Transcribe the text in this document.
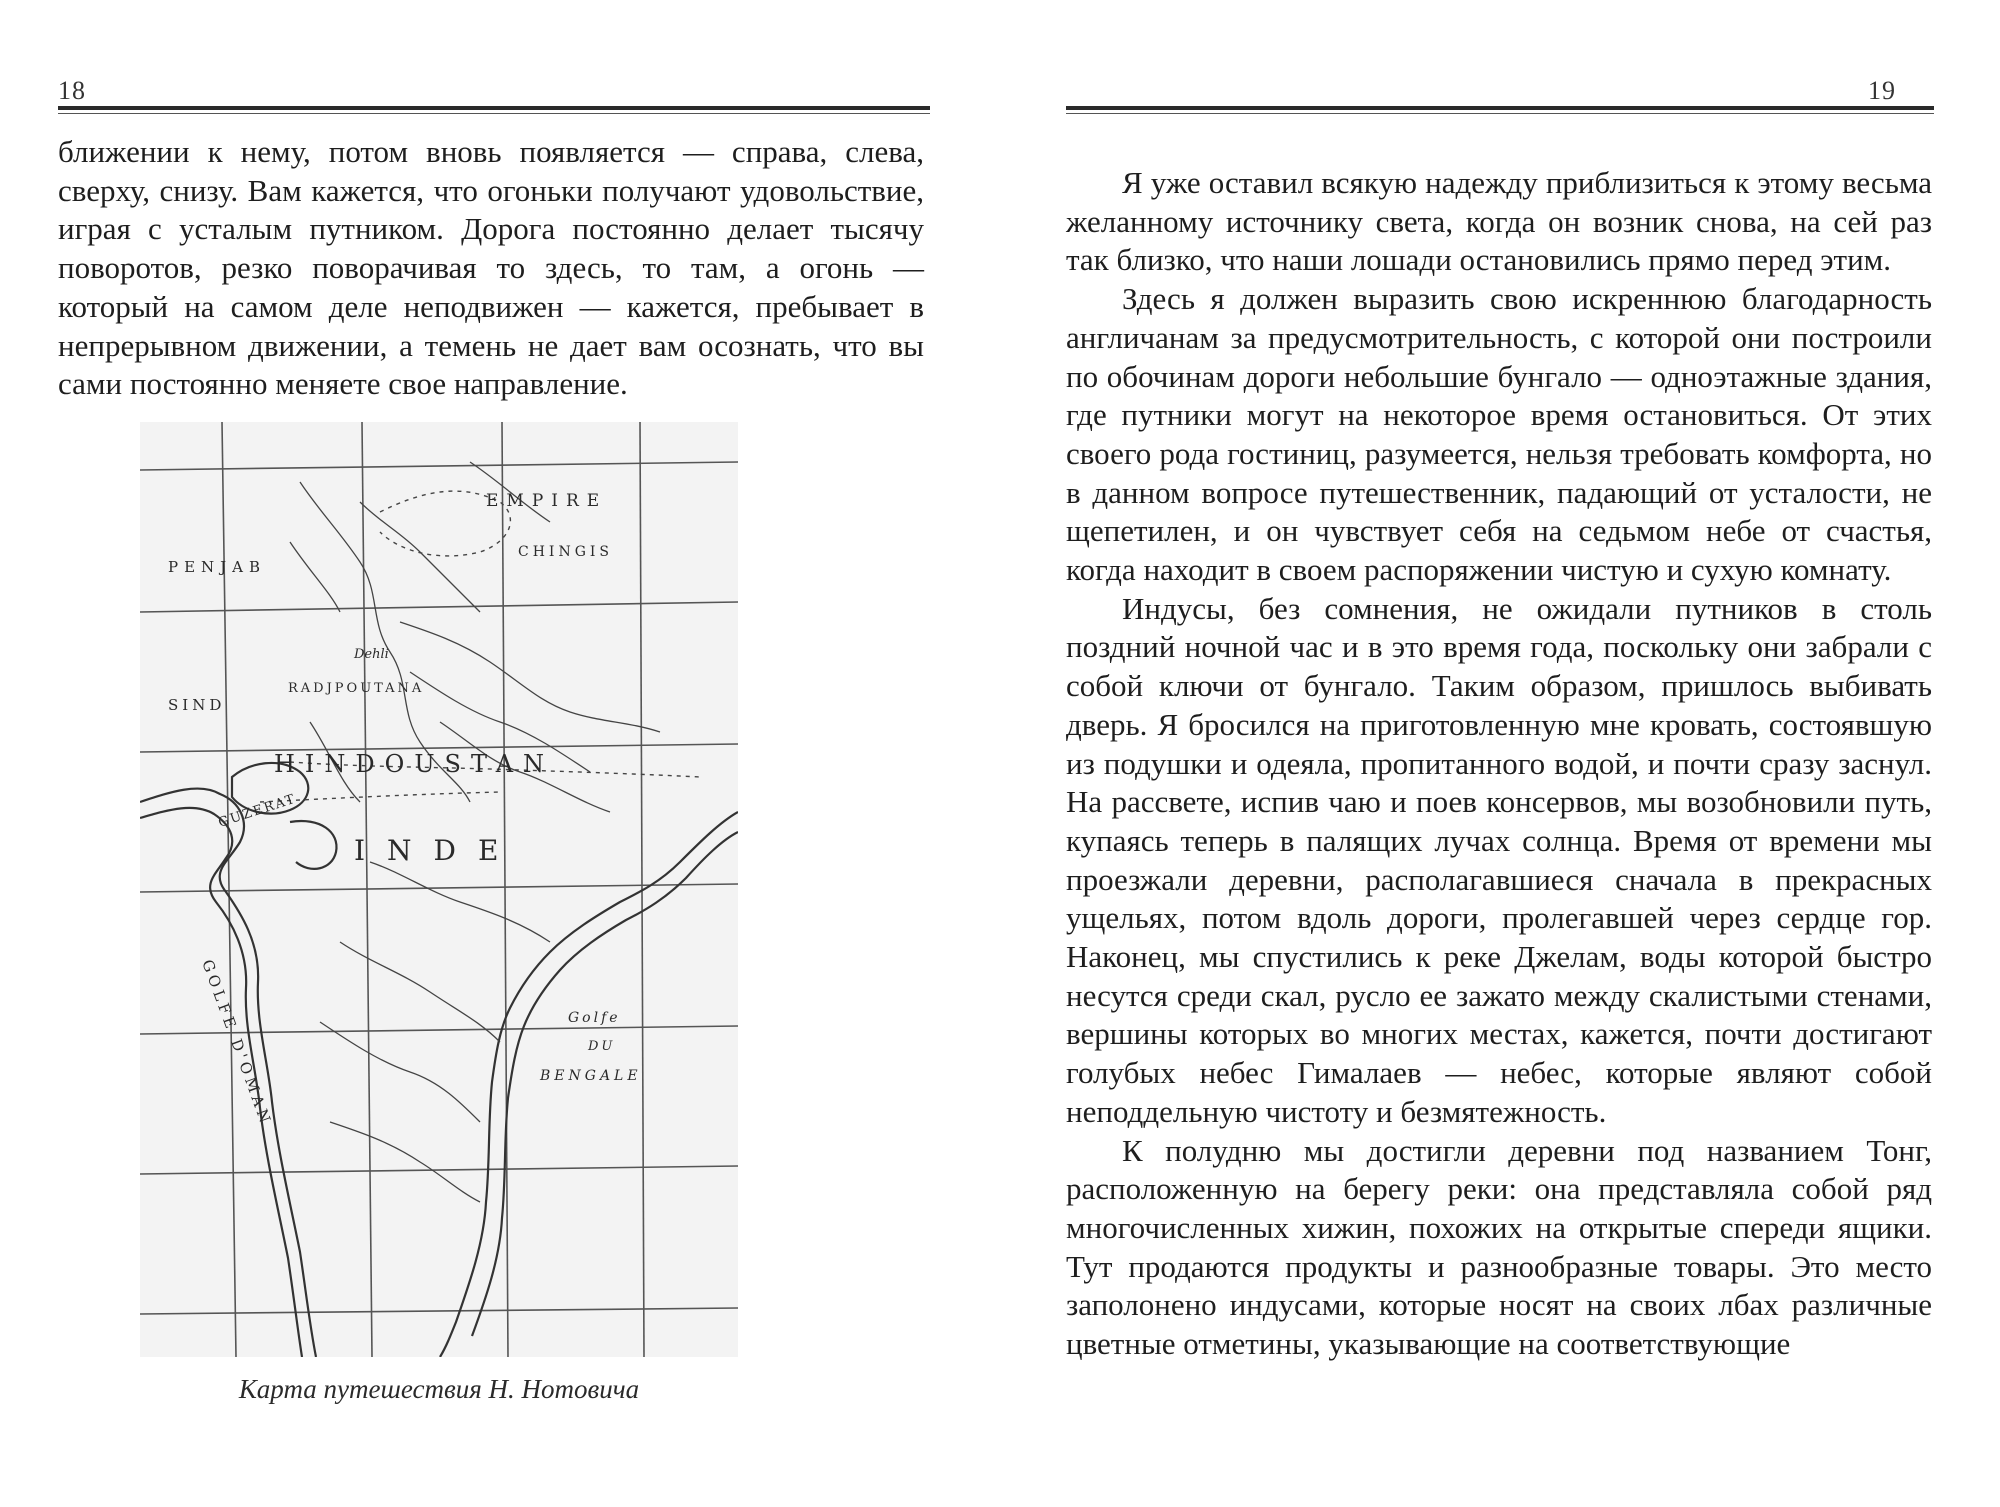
18

ближении к нему, потом вновь появляется — справа, слева, сверху, снизу. Вам кажется, что огоньки получают удовольствие, играя с усталым путником. Дорога постоянно делает тысячу поворотов, резко поворачивая то здесь, то там, а огонь — который на самом деле неподвижен — кажется, пребывает в непрерывном движении, а темень не дает вам осознать, что вы сами постоянно меняете свое направление.

EMPIRE
CHINGIS
PENJAB
Dehli
RADJPOUTANA
SIND
HINDOUSTAN
INDE
GUZERAT
GOLFE D'OMAN	Golfe
DU
BENGALE
Карта путешествия Н. Нотовича
19

Я уже оставил всякую надежду приблизиться к этому весьма желанному источнику света, когда он возник снова, на сей раз так близко, что наши лошади остановились прямо перед этим.

Здесь я должен выразить свою искреннюю благодарность англичанам за предусмотрительность, с которой они построили по обочинам дороги небольшие бунгало — одноэтажные здания, где путники могут на некоторое время остановиться. От этих своего рода гостиниц, разумеется, нельзя требовать комфорта, но в данном вопросе путешественник, падающий от усталости, не щепетилен, и он чувствует себя на седьмом небе от счастья, когда находит в своем распоряжении чистую и сухую комнату.

Индусы, без сомнения, не ожидали путников в столь поздний ночной час и в это время года, поскольку они забрали с собой ключи от бунгало. Таким образом, пришлось выбивать дверь. Я бросился на приготовленную мне кровать, состоявшую из подушки и одеяла, пропитанного водой, и почти сразу заснул. На рассвете, испив чаю и поев консервов, мы возобновили путь, купаясь теперь в палящих лучах солнца. Время от времени мы проезжали деревни, располагавшиеся сначала в прекрасных ущельях, потом вдоль дороги, пролегавшей через сердце гор. Наконец, мы спустились к реке Джелам, воды которой быстро несутся среди скал, русло ее зажато между скалистыми стенами, вершины которых во многих местах, кажется, почти достигают голубых небес Гималаев — небес, которые являют собой неподдельную чистоту и безмятежность.

К полудню мы достигли деревни под названием Тонг, расположенную на берегу реки: она представляла собой ряд многочисленных хижин, похожих на открытые спереди ящики. Тут продаются продукты и разнообразные товары. Это место заполонено индусами, которые носят на своих лбах различные цветные отметины, указывающие на соответствующие
